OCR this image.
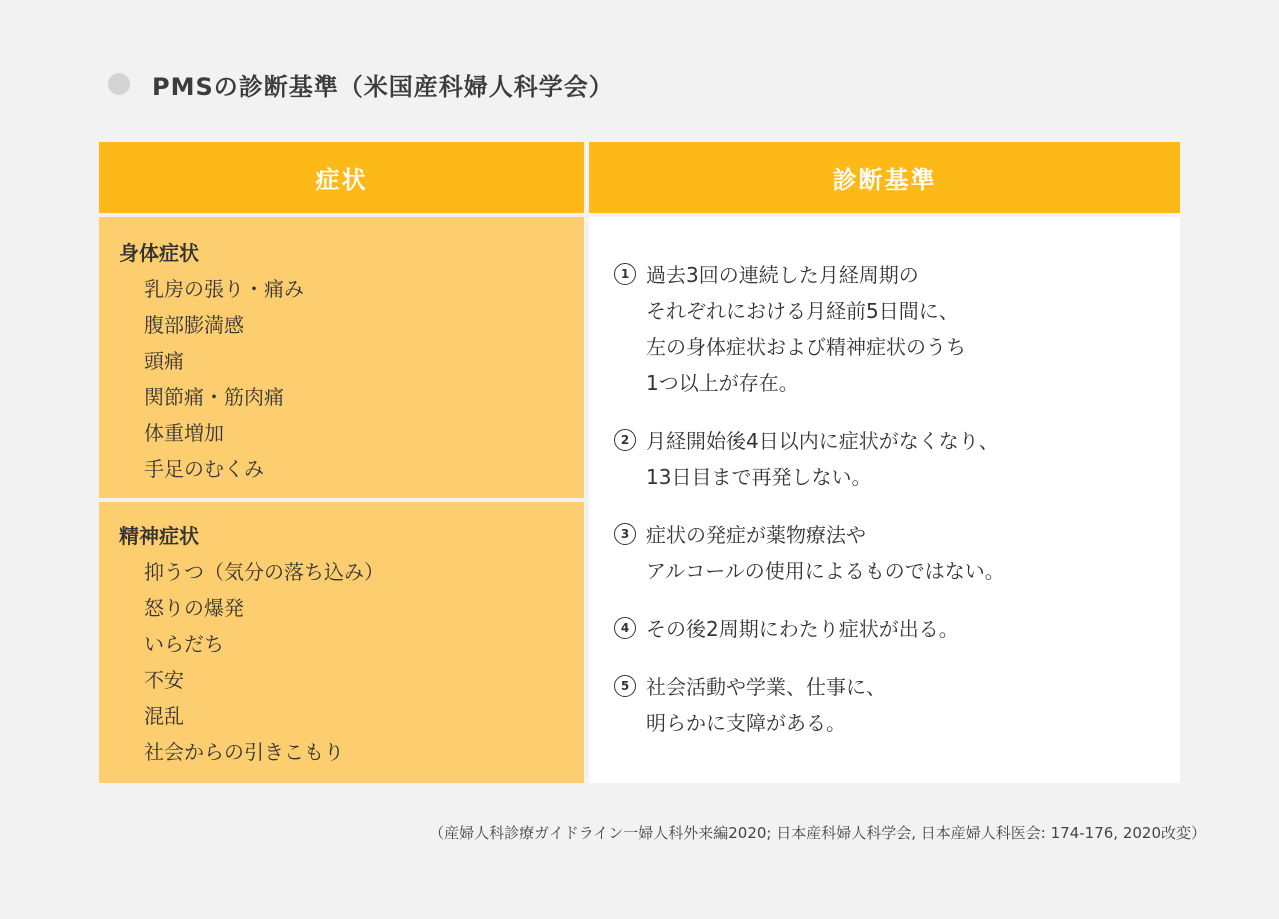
PMSの診断基準（米国産科婦人科学会）
症状	診断基準
身体症状
乳房の張り・痛み
腹部膨満感
頭痛
関節痛・筋肉痛
体重増加
手足のむくみ
精神症状
抑うつ（気分の落ち込み）
怒りの爆発
いらだち
不安
混乱
社会からの引きこもり
1 過去3回の連続した月経周期の
それぞれにおける月経前5日間に、
左の身体症状および精神症状のうち
1つ以上が存在。
2 月経開始後4日以内に症状がなくなり、
13日目まで再発しない。
3 症状の発症が薬物療法や
アルコールの使用によるものではない。
4 その後2周期にわたり症状が出る。
5 社会活動や学業、仕事に、
明らかに支障がある。
（産婦人科診療ガイドライン一婦人科外来編2020; 日本産科婦人科学会, 日本産婦人科医会: 174-176, 2020改変）
